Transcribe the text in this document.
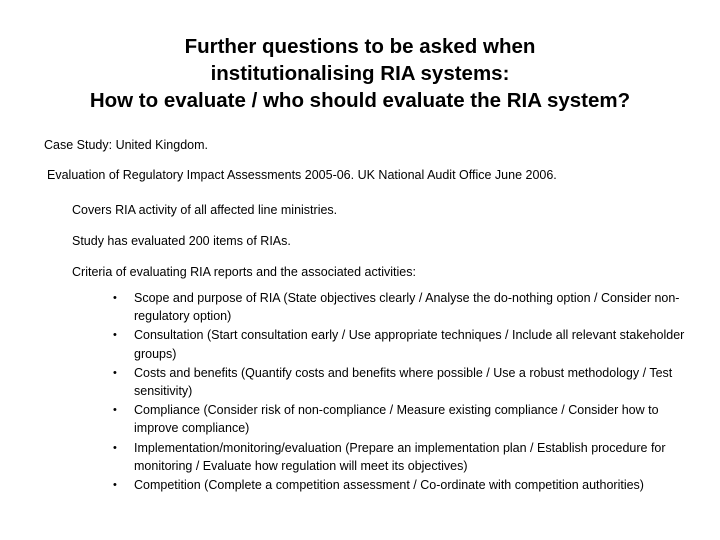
Further questions to be asked when
institutionalising RIA systems:
How to evaluate / who should evaluate the RIA system?
Case Study: United Kingdom.
Evaluation of Regulatory Impact Assessments 2005-06. UK National Audit Office June 2006.
Covers RIA activity of all affected line ministries.
Study has evaluated 200 items of RIAs.
Criteria of evaluating RIA reports and the associated activities:
• Scope and purpose of RIA (State objectives clearly / Analyse the do-nothing option / Consider non-regulatory option)
• Consultation (Start consultation early / Use appropriate techniques / Include all relevant stakeholder groups)
• Costs and benefits (Quantify costs and benefits where possible / Use a robust methodology / Test sensitivity)
• Compliance (Consider risk of non-compliance / Measure existing compliance / Consider how to improve compliance)
• Implementation/monitoring/evaluation (Prepare an implementation plan / Establish procedure for monitoring / Evaluate how regulation will meet its objectives)
• Competition (Complete a competition assessment / Co-ordinate with competition authorities)
